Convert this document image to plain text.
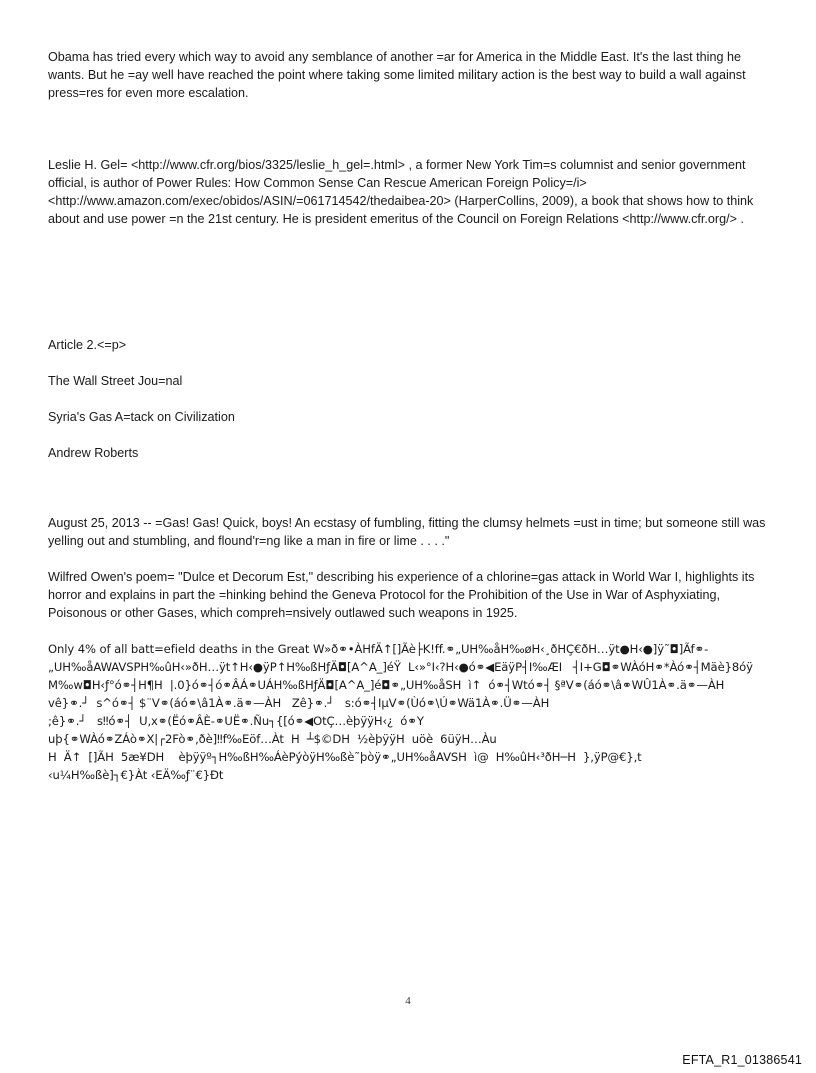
Obama has tried every which way to avoid any semblance of another =ar for America in the Middle East. It's the last thing he wants. But he =ay well have reached the point where taking some limited military action is the best way to build a wall against press=res for even more escalation.

Leslie H. Gel= <http://www.cfr.org/bios/3325/leslie_h_gel=.html> , a former New York Tim=s columnist and senior government official, is author of Power Rules: How Common Sense Can Rescue American Foreign Policy=/i> <http://www.amazon.com/exec/obidos/ASIN/=061714542/thedaibea-20> (HarperCollins, 2009), a book that shows how to think about and use power =n the 21st century. He is president emeritus of the Council on Foreign Relations <http://www.cfr.org/> .

Article 2.<=p>

The Wall Street Jou=nal

Syria's Gas A=tack on Civilization

Andrew Roberts

August 25, 2013 -- =Gas! Gas! Quick, boys! An ecstasy of fumbling, fitting the clumsy helmets =ust in time; but someone still was yelling out and stumbling, and flound'r=ng like a man in fire or lime . . . ."

Wilfred Owen's poem= "Dulce et Decorum Est," describing his experience of a chlorine=gas attack in World War I, highlights its horror and explains in part the =hinking behind the Geneva Protocol for the Prohibition of the Use in War of Asphyxiating, Poisonous or other Gases, which compreh=nsively outlawed such weapons in 1925.

Only 4% of all batt=efield deaths in the Great W»ð⚭•ÀHfÄ↑[]Ãè├K!ff.⚭„UH‰åH‰øH‹¸ðHÇ€ðH…ÿt●H‹●]ÿ˜◘]Ãf⚭-
„UH‰åAWAVSPH‰ûH‹»ðH…ÿt↑H‹●ÿP↑H‰ßHƒÄ◘[A^A_]éŸ  L‹»°I‹?H‹●ó⚭◀EäÿP┤I‰ÆI   ┤I+G◘⚭WÀóH⚭*Àó⚭┤Mäè}8óÿ
M‰w◘H‹ƒ°ó⚭┤H¶H  |.0}ó⚭┤ó⚭ÂÁ⚭UÁH‰ßHƒÄ◘[A^A_]é◘⚭„UH‰åSH  ì↑  ó⚭┤Wtó⚭┤ §ªV⚭(áó⚭\â⚭WÛ1À⚭.ä⚭—ÀH
vê}⚭.┘  s^ó⚭┤ $¨V⚭(áó⚭\â1À⚭.ä⚭—ÀH   Zê}⚭.┘   s:ó⚭┤IµV⚭(Ùó⚭\Ú⚭Wä1À⚭.Ü⚭—ÀH
;ê}⚭.┘   s‼ó⚭┤  U,x⚭(Ëó⚭ÂÈ‑⚭UË⚭.Ñu┐{[ó⚭◀OtÇ…èþÿÿH‹¿  ó⚭Y
uþ{⚭WÀó⚭ZÁò⚭X|┌2Fò⚭‚ðè]‼f‰Eöf…Àt  H  ┴$©DH  ½èþÿÿH  uöè  6üÿH…Àu
H  Ä↑  []ÃH  5æ¥DH    èþÿÿº┐H‰ßH‰ÁèPýòÿH‰ßè˜þòÿ⚭„UH‰åAVSH  ì@  H‰ûH‹³ðH─H  },ÿP@€},t
‹u¼H‰ßè]┐€}Àt ‹EÄ‰ƒ¨€}Ðt
4
EFTA_R1_01386541
